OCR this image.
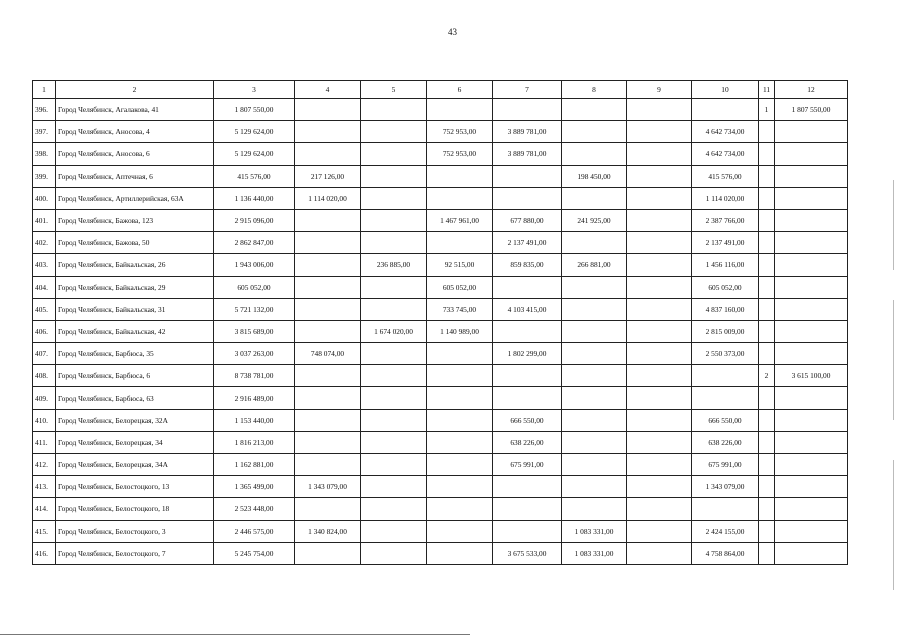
43
1	2	3	4	5	6	7	8	9	10	11	12
396.	Город Челябинск, Агалакова, 41	1 807 550,00								1	1 807 550,00
397.	Город Челябинск, Аносова, 4	5 129 624,00			752 953,00	3 889 781,00			4 642 734,00		
398.	Город Челябинск, Аносова, 6	5 129 624,00			752 953,00	3 889 781,00			4 642 734,00		
399.	Город Челябинск, Аптечная, 6	415 576,00	217 126,00				198 450,00		415 576,00		
400.	Город Челябинск, Артиллерийская, 63А	1 136 440,00	1 114 020,00						1 114 020,00		
401.	Город Челябинск, Бажова, 123	2 915 096,00			1 467 961,00	677 880,00	241 925,00		2 387 766,00		
402.	Город Челябинск, Бажова, 50	2 862 847,00				2 137 491,00			2 137 491,00		
403.	Город Челябинск, Байкальская, 26	1 943 006,00		236 885,00	92 515,00	859 835,00	266 881,00		1 456 116,00		
404.	Город Челябинск, Байкальская, 29	605 052,00			605 052,00				605 052,00		
405.	Город Челябинск, Байкальская, 31	5 721 132,00			733 745,00	4 103 415,00			4 837 160,00		
406.	Город Челябинск, Байкальская, 42	3 815 689,00		1 674 020,00	1 140 989,00				2 815 009,00		
407.	Город Челябинск, Барбюса, 35	3 037 263,00	748 074,00			1 802 299,00			2 550 373,00		
408.	Город Челябинск, Барбюса, 6	8 738 781,00								2	3 615 100,00
409.	Город Челябинск, Барбюса, 63	2 916 489,00									
410.	Город Челябинск, Белорецкая, 32А	1 153 440,00				666 550,00			666 550,00		
411.	Город Челябинск, Белорецкая, 34	1 816 213,00				638 226,00			638 226,00		
412.	Город Челябинск, Белорецкая, 34А	1 162 881,00				675 991,00			675 991,00		
413.	Город Челябинск, Белостоцкого, 13	1 365 499,00	1 343 079,00						1 343 079,00		
414.	Город Челябинск, Белостоцкого, 18	2 523 448,00									
415.	Город Челябинск, Белостоцкого, 3	2 446 575,00	1 340 824,00				1 083 331,00		2 424 155,00		
416.	Город Челябинск, Белостоцкого, 7	5 245 754,00				3 675 533,00	1 083 331,00		4 758 864,00		
